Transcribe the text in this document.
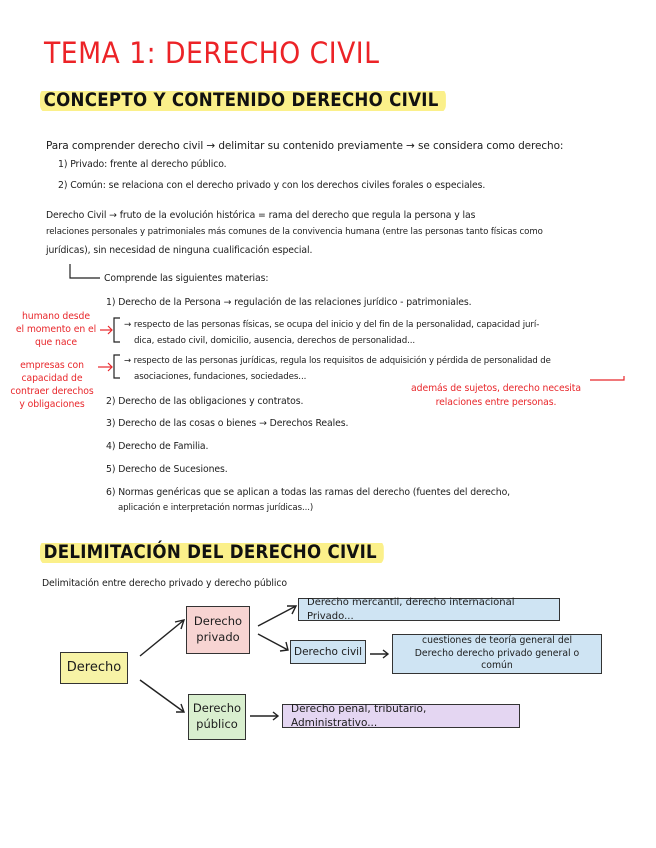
TEMA 1: DERECHO CIVIL
CONCEPTO Y CONTENIDO DERECHO CIVIL
Para comprender derecho civil → delimitar su contenido previamente → se considera como derecho:
1) Privado: frente al derecho público.
2) Común: se relaciona con el derecho privado y con los derechos civiles forales o especiales.
Derecho Civil → fruto de la evolución histórica = rama del derecho que regula la persona y las
relaciones personales y patrimoniales más comunes de la convivencia humana (entre las personas tanto físicas como
jurídicas), sin necesidad de ninguna cualificación especial.
Comprende las siguientes materias:
1) Derecho de la Persona → regulación de las relaciones jurídico - patrimoniales.
→ respecto de las personas físicas, se ocupa del inicio y del fin de la personalidad, capacidad jurí-
dica, estado civil, domicilio, ausencia, derechos de personalidad...
→ respecto de las personas jurídicas, regula los requisitos de adquisición y pérdida de personalidad de
asociaciones, fundaciones, sociedades...
2) Derecho de las obligaciones y contratos.
3) Derecho de las cosas o bienes → Derechos Reales.
4) Derecho de Familia.
5) Derecho de Sucesiones.
6) Normas genéricas que se aplican a todas las ramas del derecho (fuentes del derecho,
aplicación e interpretación normas jurídicas...)
humano desde
el momento en el
que nace
empresas con
capacidad de
contraer derechos
y obligaciones
además de sujetos, derecho necesita
relaciones entre personas.
DELIMITACIÓN DEL DERECHO CIVIL
Delimitación entre derecho privado y derecho público
Derecho
Derecho privado
Derecho público
Derecho mercantil, derecho internacional Privado...
Derecho civil
cuestiones de teoría general del Derecho derecho privado general o común
Derecho penal, tributario, Administrativo...
